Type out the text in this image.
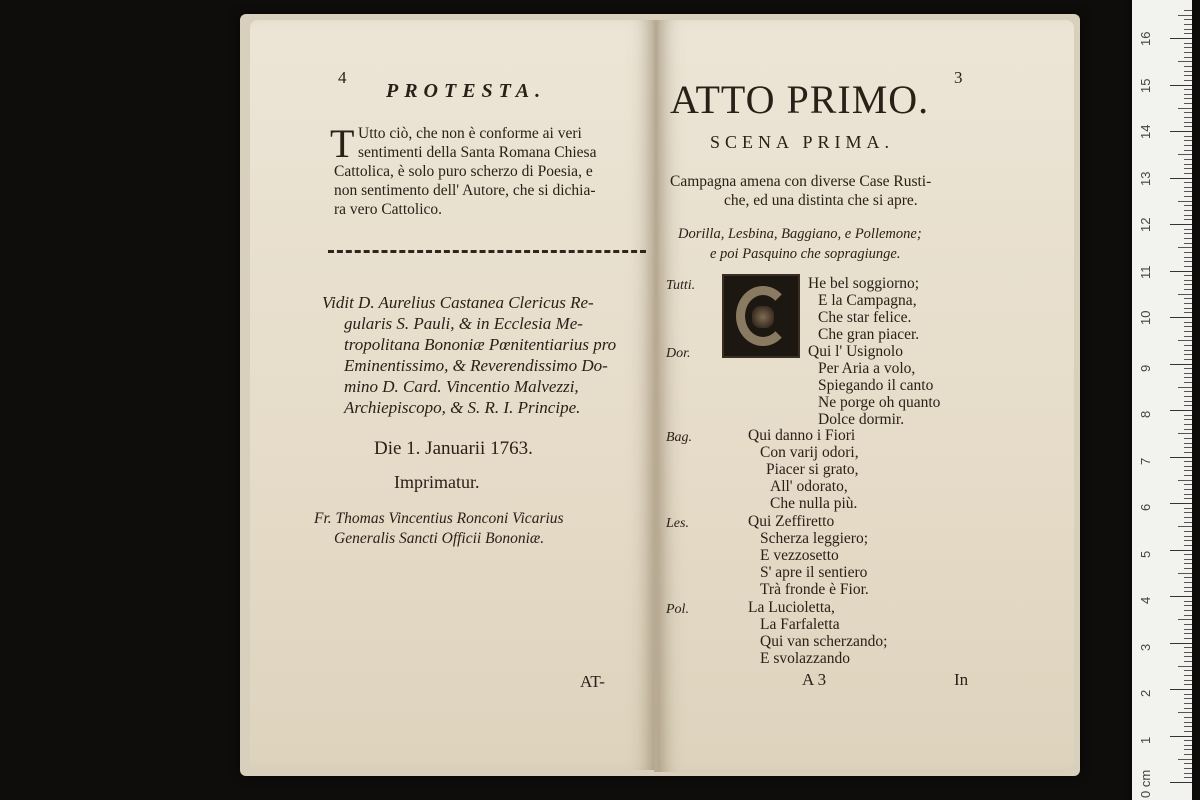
4
PROTESTA.
T Utto ciò, che non è conforme ai veri
sentimenti della Santa Romana Chiesa
Cattolica, è solo puro scherzo di Poesia, e
non sentimento dell' Autore, che si dichia-
ra vero Cattolico.
Vidit D. Aurelius Castanea Clericus Re-
gularis S. Pauli, & in Ecclesia Me-
tropolitana Bononiæ Pœnitentiarius pro
Eminentissimo, & Reverendissimo Do-
mino D. Card. Vincentio Malvezzi,
Archiepiscopo, & S. R. I. Principe.
Die 1. Januarii 1763.
Imprimatur.
Fr. Thomas Vincentius Ronconi Vicarius
Generalis Sancti Officii Bononiæ.
AT-
ATTO PRIMO. 3
SCENA PRIMA.
Campagna amena con diverse Case Rusti-
che, ed una distinta che si apre.
Dorilla, Lesbina, Baggiano, e Pollemone;
e poi Pasquino che sopragiunge.
Tutti.	He bel soggiorno;
E la Campagna,
Che star felice.
Che gran piacer.
Dor.	Qui l' Usignolo
Per Aria a volo,
Spiegando il canto
Ne porge oh quanto
Dolce dormir.
Bag.	Qui danno i Fiori
Con varij odori,
Piacer si grato,
All' odorato,
Che nulla più.
Les.	Qui Zeffiretto
Scherza leggiero;
E vezzosetto
S' apre il sentiero
Trà fronde è Fior.
Pol.	La Lucioletta,
La Farfaletta
Qui van scherzando;
E svolazzando
A 3	In
0 cm
1
2
3
4
5
6
7
8
9
10
11
12
13
14
15
16
